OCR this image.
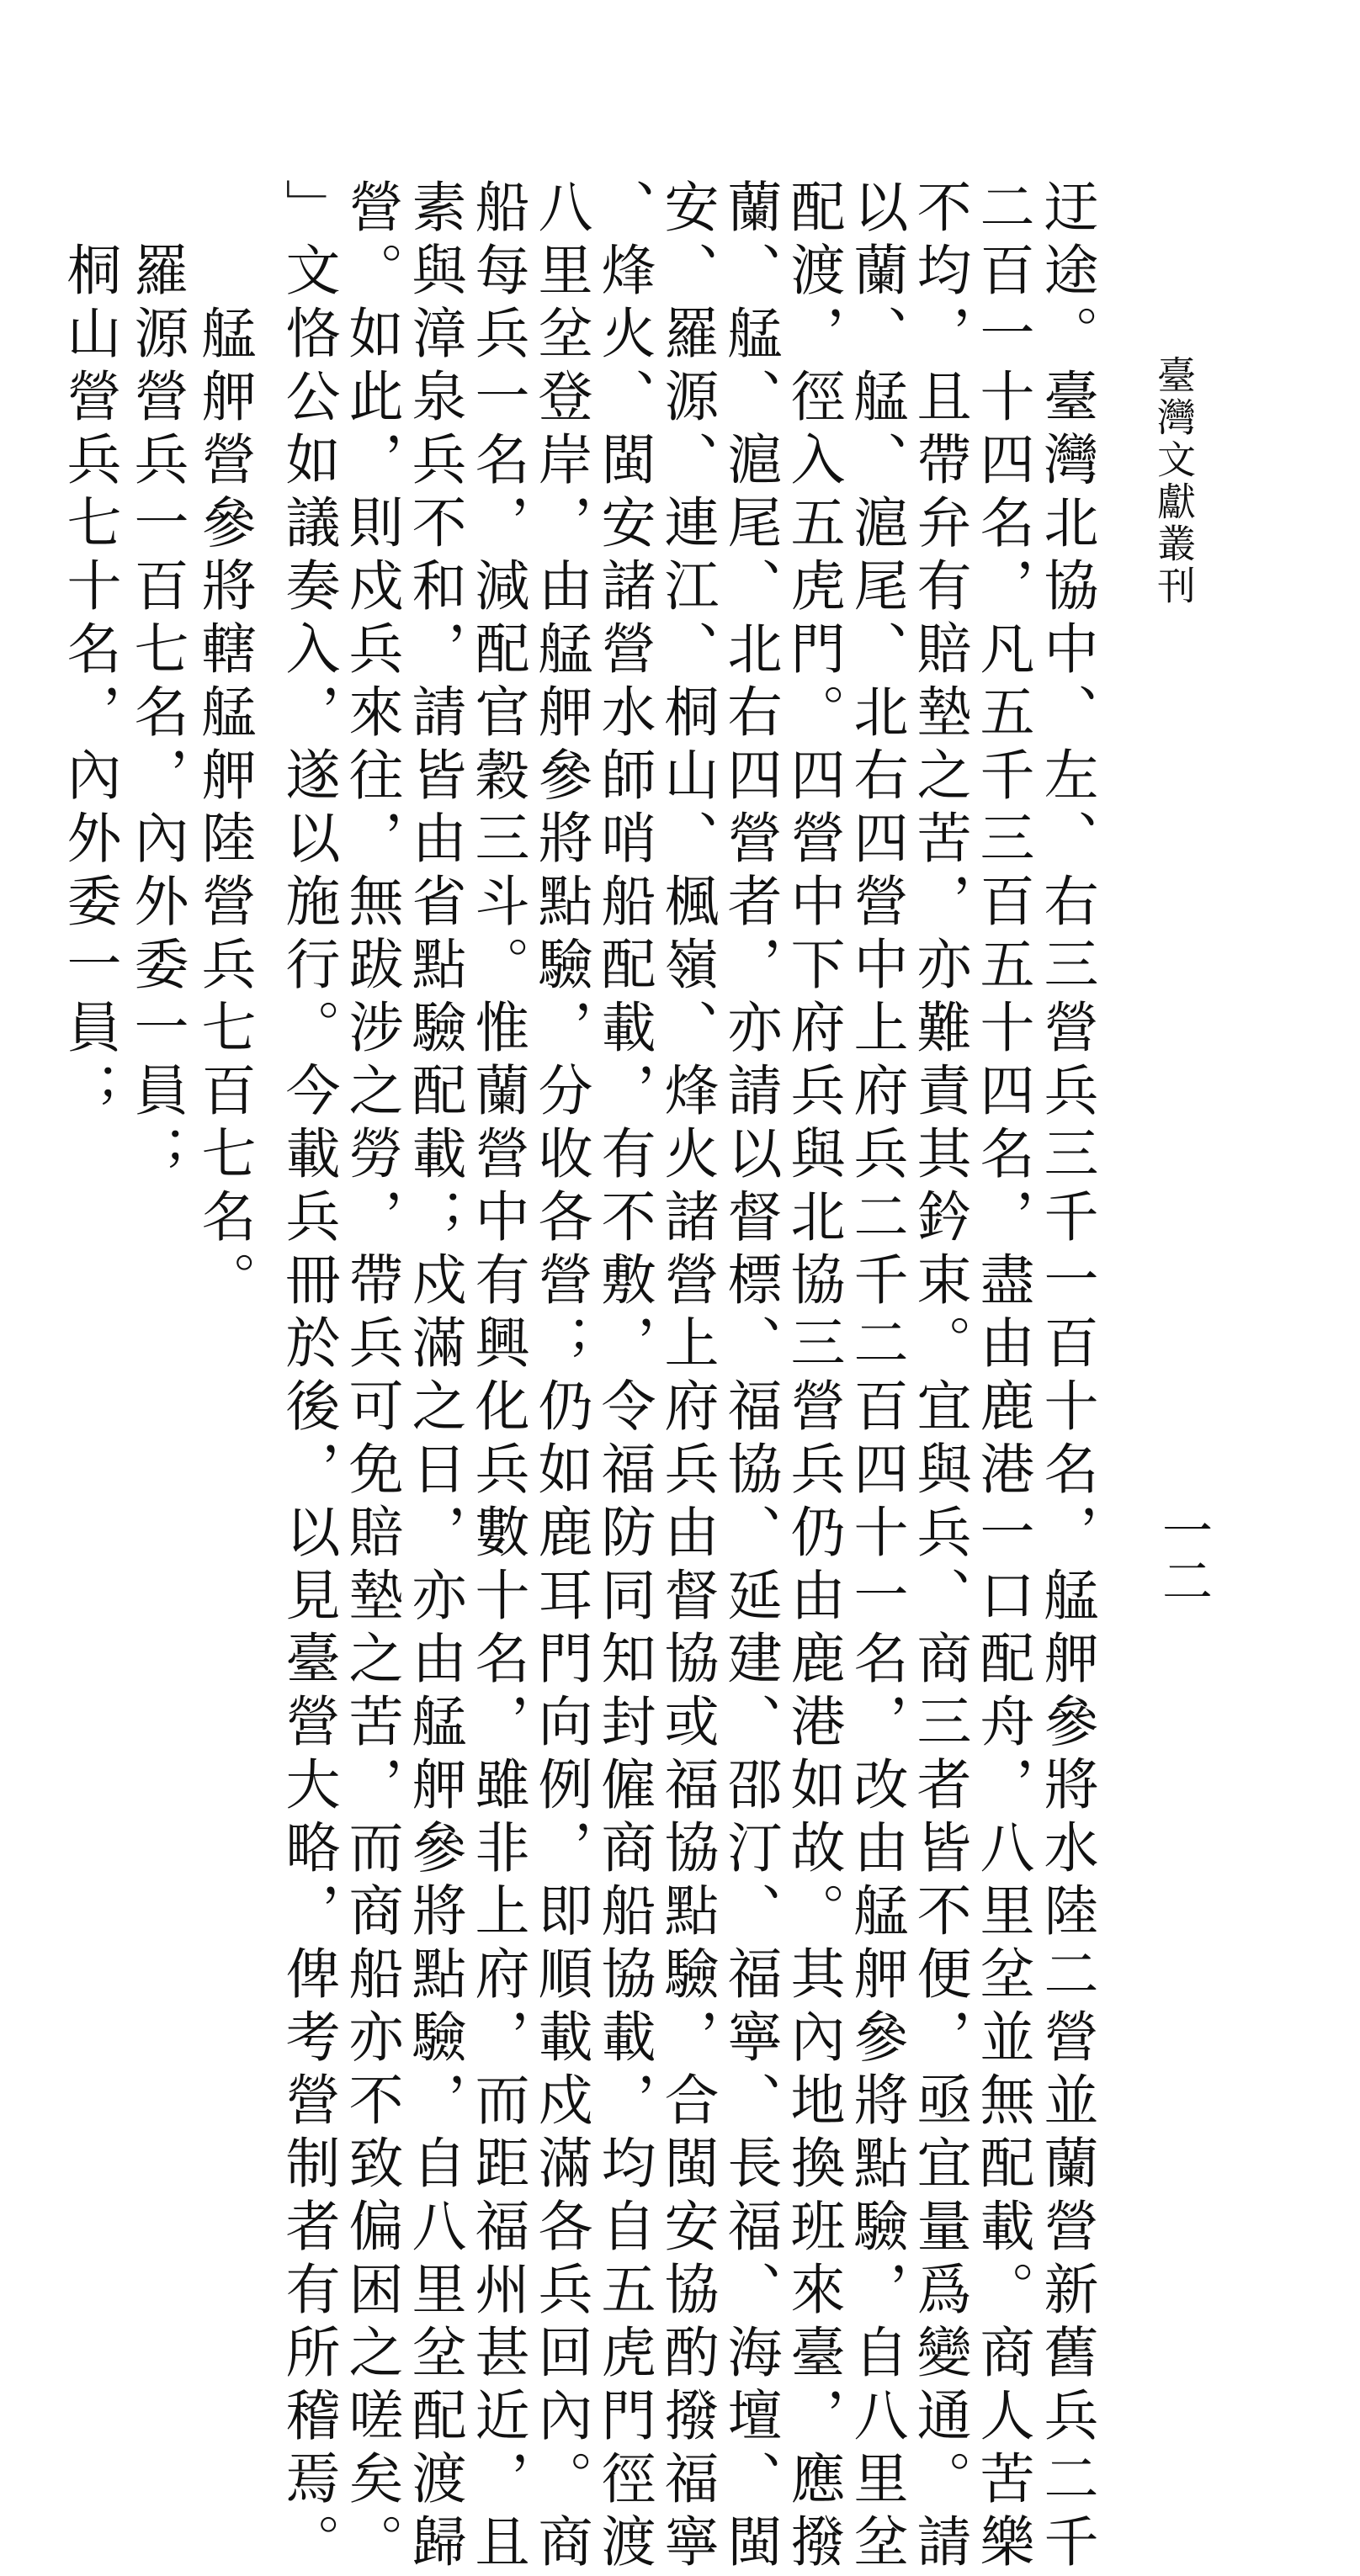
臺灣文獻叢刊
一二
迂途。臺灣北協中、左、右三營兵三千一百十名，艋舺參將水陸二營並蘭營新舊兵二千
二百一十四名，凡五千三百五十四名，盡由鹿港一口配舟，八里坌並無配載。商人苦樂
不均，且帶弁有賠墊之苦，亦難責其鈐束。宜與兵、商三者皆不便，亟宜量爲變通。請
以蘭、艋、滬尾、北右四營中上府兵二千二百四十一名，改由艋舺參將點驗，自八里坌
配渡，徑入五虎門。四營中下府兵與北協三營兵仍由鹿港如故。其內地換班來臺，應撥
蘭、艋、滬尾、北右四營者，亦請以督標、福協、延建、邵汀、福寧、長福、海壇、閩
安、羅源、連江、桐山、楓嶺、烽火諸營上府兵由督協或福協點驗，合閩安協酌撥福寧
、烽火、閩安諸營水師哨船配載，有不敷，令福防同知封僱商船協載，均自五虎門徑渡
八里坌登岸，由艋舺參將點驗，分收各營；仍如鹿耳門向例，即順載戍滿各兵回內。商
船每兵一名，減配官穀三斗。惟蘭營中有興化兵數十名，雖非上府，而距福州甚近，且
素與漳泉兵不和，請皆由省點驗配載；戍滿之日，亦由艋舺參將點驗，自八里坌配渡歸
營。如此，則戍兵來往，無跋涉之勞，帶兵可免賠墊之苦，而商船亦不致偏困之嗟矣。
」文恪公如議奏入，遂以施行。今載兵冊於後，以見臺營大略，俾考營制者有所稽焉。
　　艋舺營參將轄艋舺陸營兵七百七名。
　羅源營兵一百七名，內外委一員；
　桐山營兵七十名，內外委一員；
